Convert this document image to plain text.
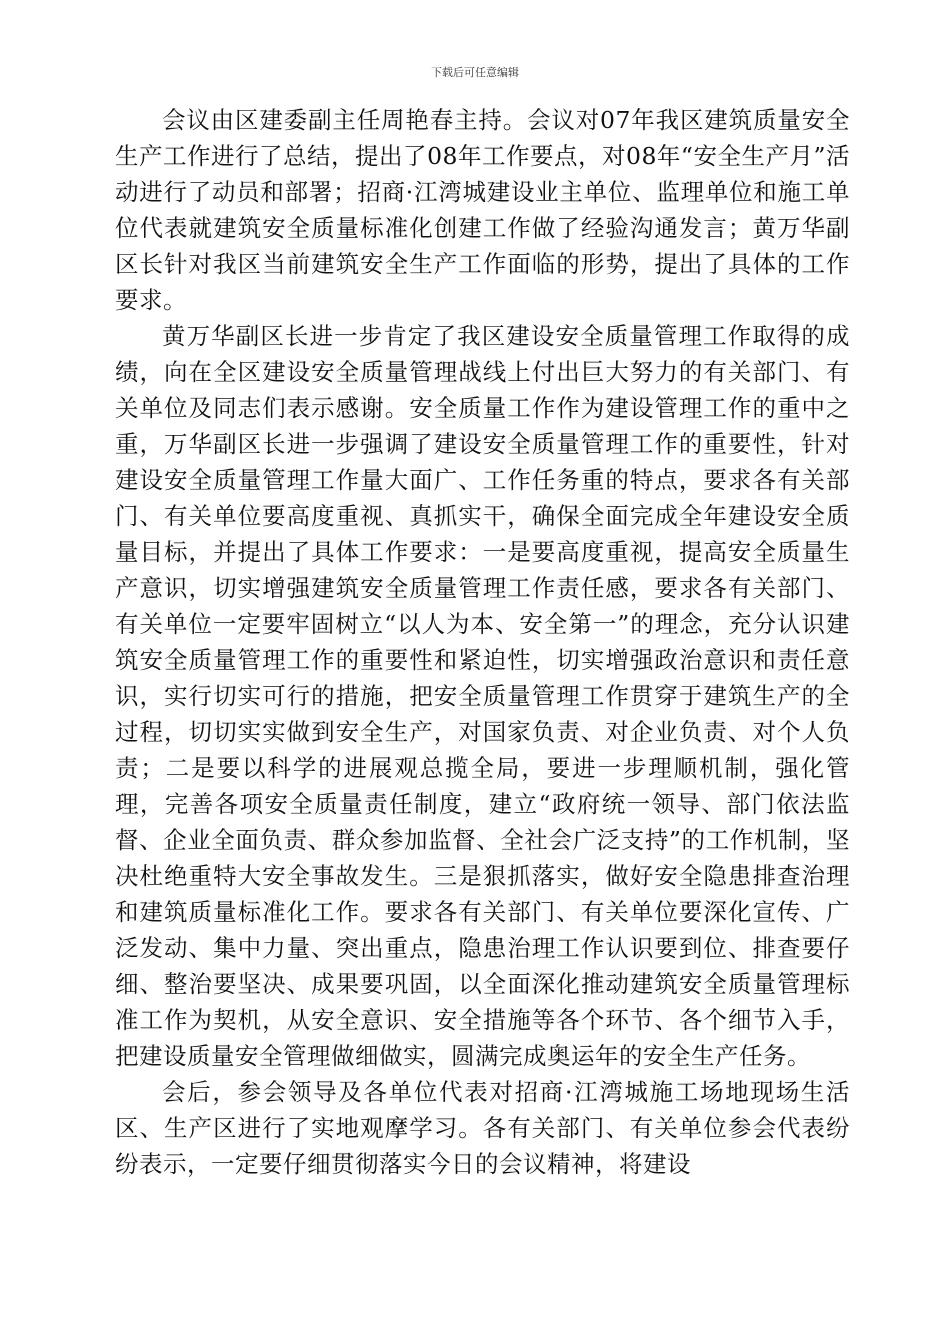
下载后可任意编辑

会议由区建委副主任周艳春主持。会议对07年我区建筑质量安全生产工作进行了总结，提出了08年工作要点，对08年“安全生产月”活动进行了动员和部署；招商·江湾城建设业主单位、监理单位和施工单位代表就建筑安全质量标准化创建工作做了经验沟通发言；黄万华副区长针对我区当前建筑安全生产工作面临的形势，提出了具体的工作要求。

黄万华副区长进一步肯定了我区建设安全质量管理工作取得的成绩，向在全区建设安全质量管理战线上付出巨大努力的有关部门、有关单位及同志们表示感谢。安全质量工作作为建设管理工作的重中之重，万华副区长进一步强调了建设安全质量管理工作的重要性，针对建设安全质量管理工作量大面广、工作任务重的特点，要求各有关部门、有关单位要高度重视、真抓实干，确保全面完成全年建设安全质量目标，并提出了具体工作要求：一是要高度重视，提高安全质量生产意识，切实增强建筑安全质量管理工作责任感，要求各有关部门、有关单位一定要牢固树立“以人为本、安全第一”的理念，充分认识建筑安全质量管理工作的重要性和紧迫性，切实增强政治意识和责任意识，实行切实可行的措施，把安全质量管理工作贯穿于建筑生产的全过程，切切实实做到安全生产，对国家负责、对企业负责、对个人负责；二是要以科学的进展观总揽全局，要进一步理顺机制，强化管理，完善各项安全质量责任制度，建立“政府统一领导、部门依法监督、企业全面负责、群众参加监督、全社会广泛支持”的工作机制，坚决杜绝重特大安全事故发生。三是狠抓落实，做好安全隐患排查治理和建筑质量标准化工作。要求各有关部门、有关单位要深化宣传、广泛发动、集中力量、突出重点，隐患治理工作认识要到位、排查要仔细、整治要坚决、成果要巩固，以全面深化推动建筑安全质量管理标准工作为契机，从安全意识、安全措施等各个环节、各个细节入手，把建设质量安全管理做细做实，圆满完成奥运年的安全生产任务。

会后，参会领导及各单位代表对招商·江湾城施工场地现场生活区、生产区进行了实地观摩学习。各有关部门、有关单位参会代表纷纷表示，一定要仔细贯彻落实今日的会议精神，将建设
